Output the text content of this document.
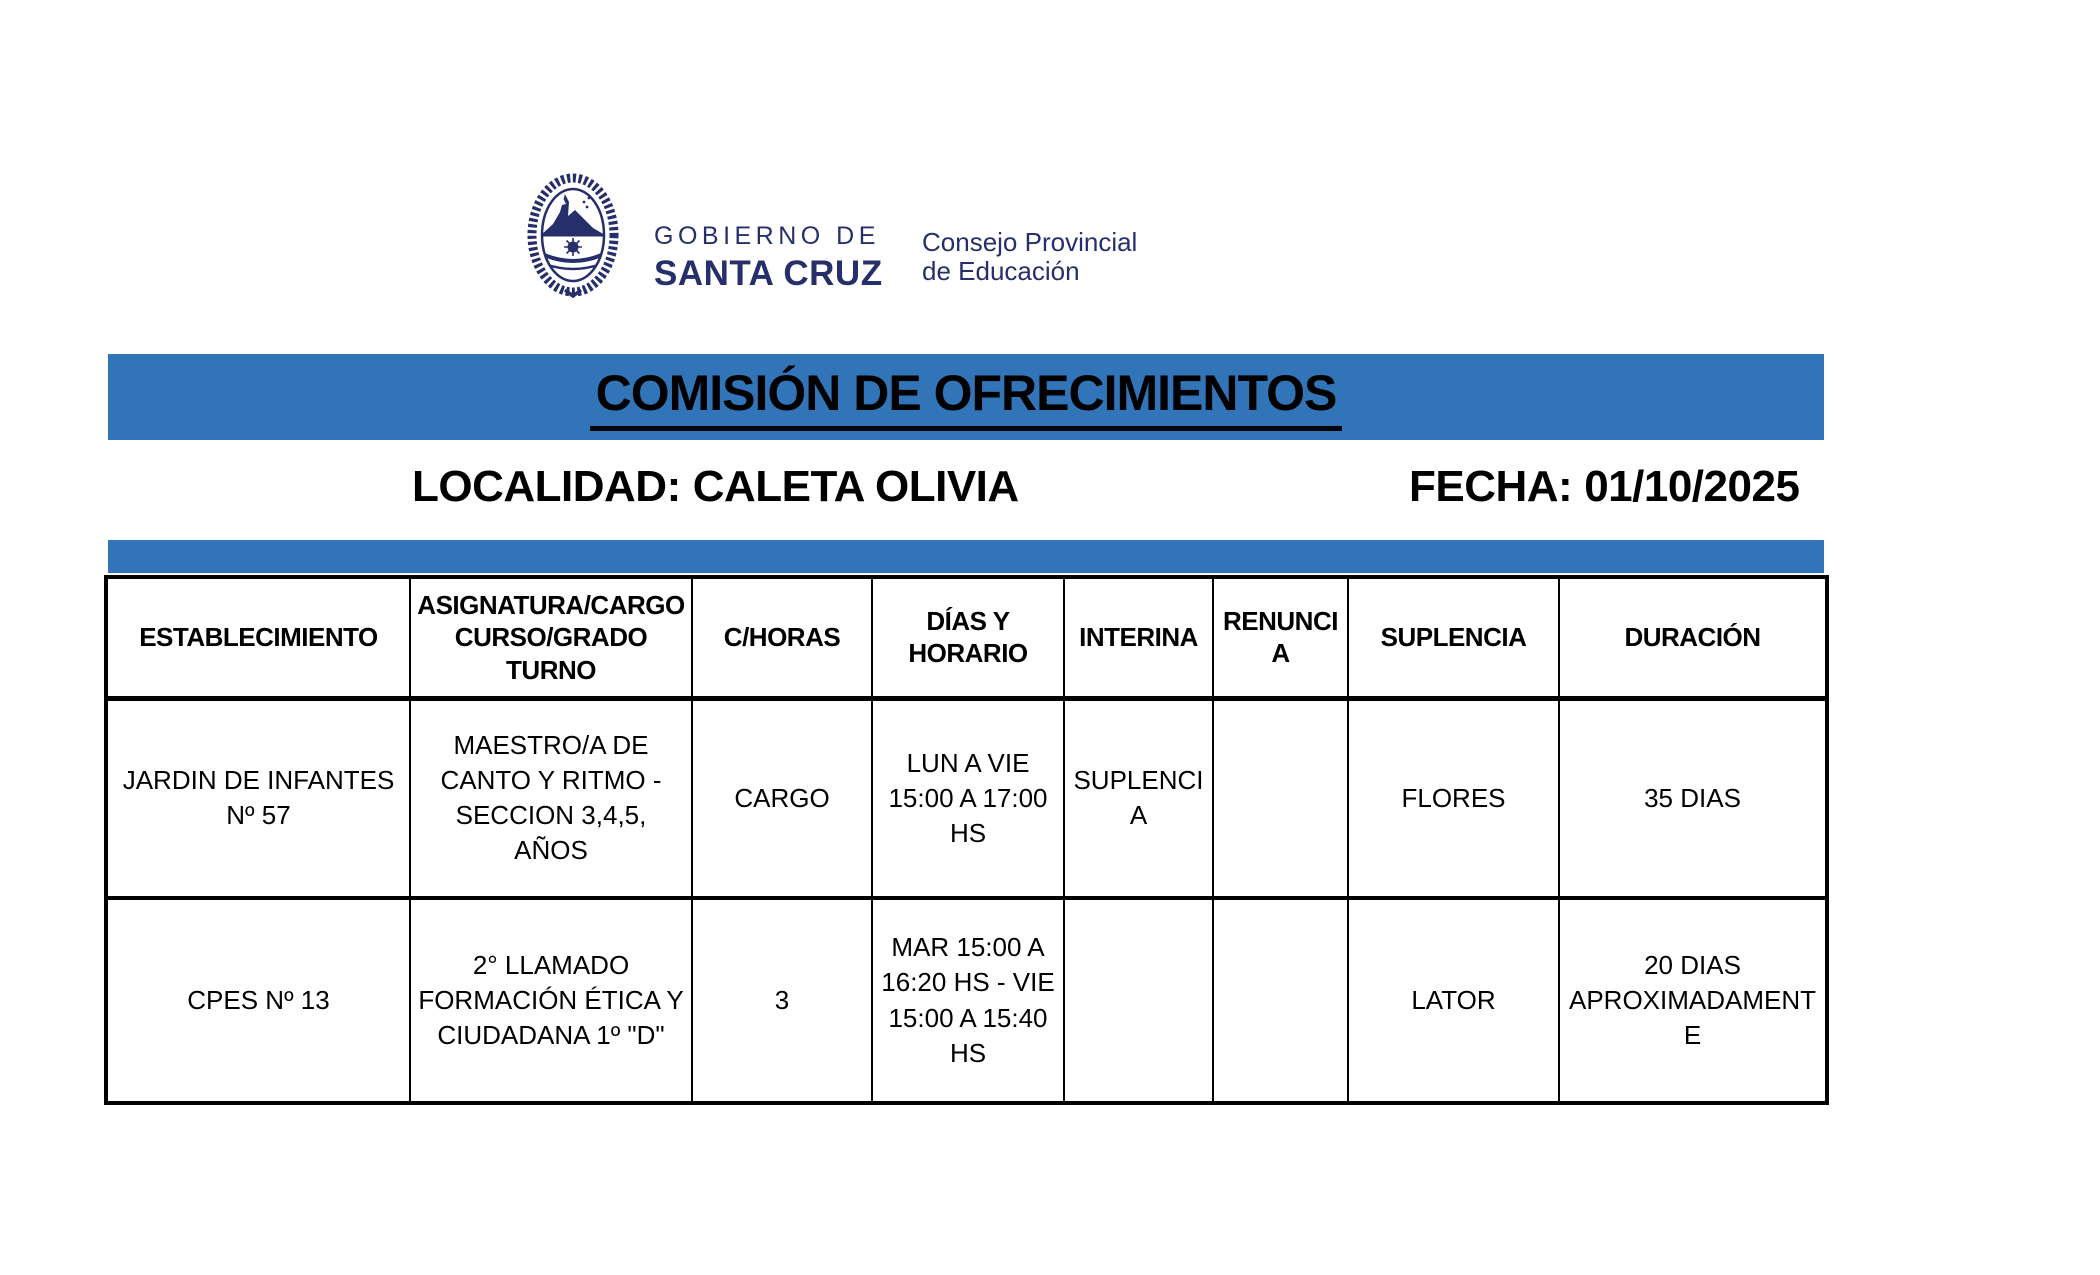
GOBIERNO DE
SANTA CRUZ
Consejo Provincial
de Educación
COMISIÓN DE OFRECIMIENTOS
LOCALIDAD: CALETA OLIVIA	FECHA: 01/10/2025
ESTABLECIMIENTO	ASIGNATURA/CARGO CURSO/GRADO TURNO	C/HORAS	DÍAS Y HORARIO	INTERINA	RENUNCIA	SUPLENCIA	DURACIÓN
JARDIN DE INFANTES Nº 57	MAESTRO/A DE CANTO Y RITMO - SECCION 3,4,5, AÑOS	CARGO	LUN A VIE 15:00 A 17:00 HS	SUPLENCIA		FLORES	35 DIAS
CPES Nº 13	2° LLAMADO FORMACIÓN ÉTICA Y CIUDADANA 1º "D"	3	MAR 15:00 A 16:20 HS - VIE 15:00 A 15:40 HS			LATOR	20 DIAS APROXIMADAMENTE
